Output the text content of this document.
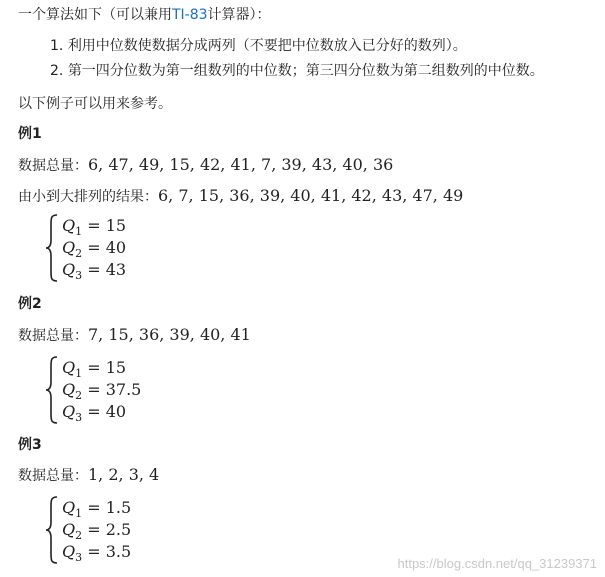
一个算法如下（可以兼用TI-83计算器）：
1. 利用中位数使数据分成两列（不要把中位数放入已分好的数列）。
2. 第一四分位数为第一组数列的中位数；第三四分位数为第二组数列的中位数。
以下例子可以用来参考。
例1
数据总量：6, 47, 49, 15, 42, 41, 7, 39, 43, 40, 36
由小到大排列的结果：6, 7, 15, 36, 39, 40, 41, 42, 43, 47, 49
$Q_1 = 15$
$Q_2 = 40$
$Q_3 = 43$
例2
数据总量：7, 15, 36, 39, 40, 41
$Q_1 = 15$
$Q_2 = 37.5$
$Q_3 = 40$
例3
数据总量：1, 2, 3, 4
$Q_1 = 1.5$
$Q_2 = 2.5$
$Q_3 = 3.5$
https://blog.csdn.net/qq_31239371
